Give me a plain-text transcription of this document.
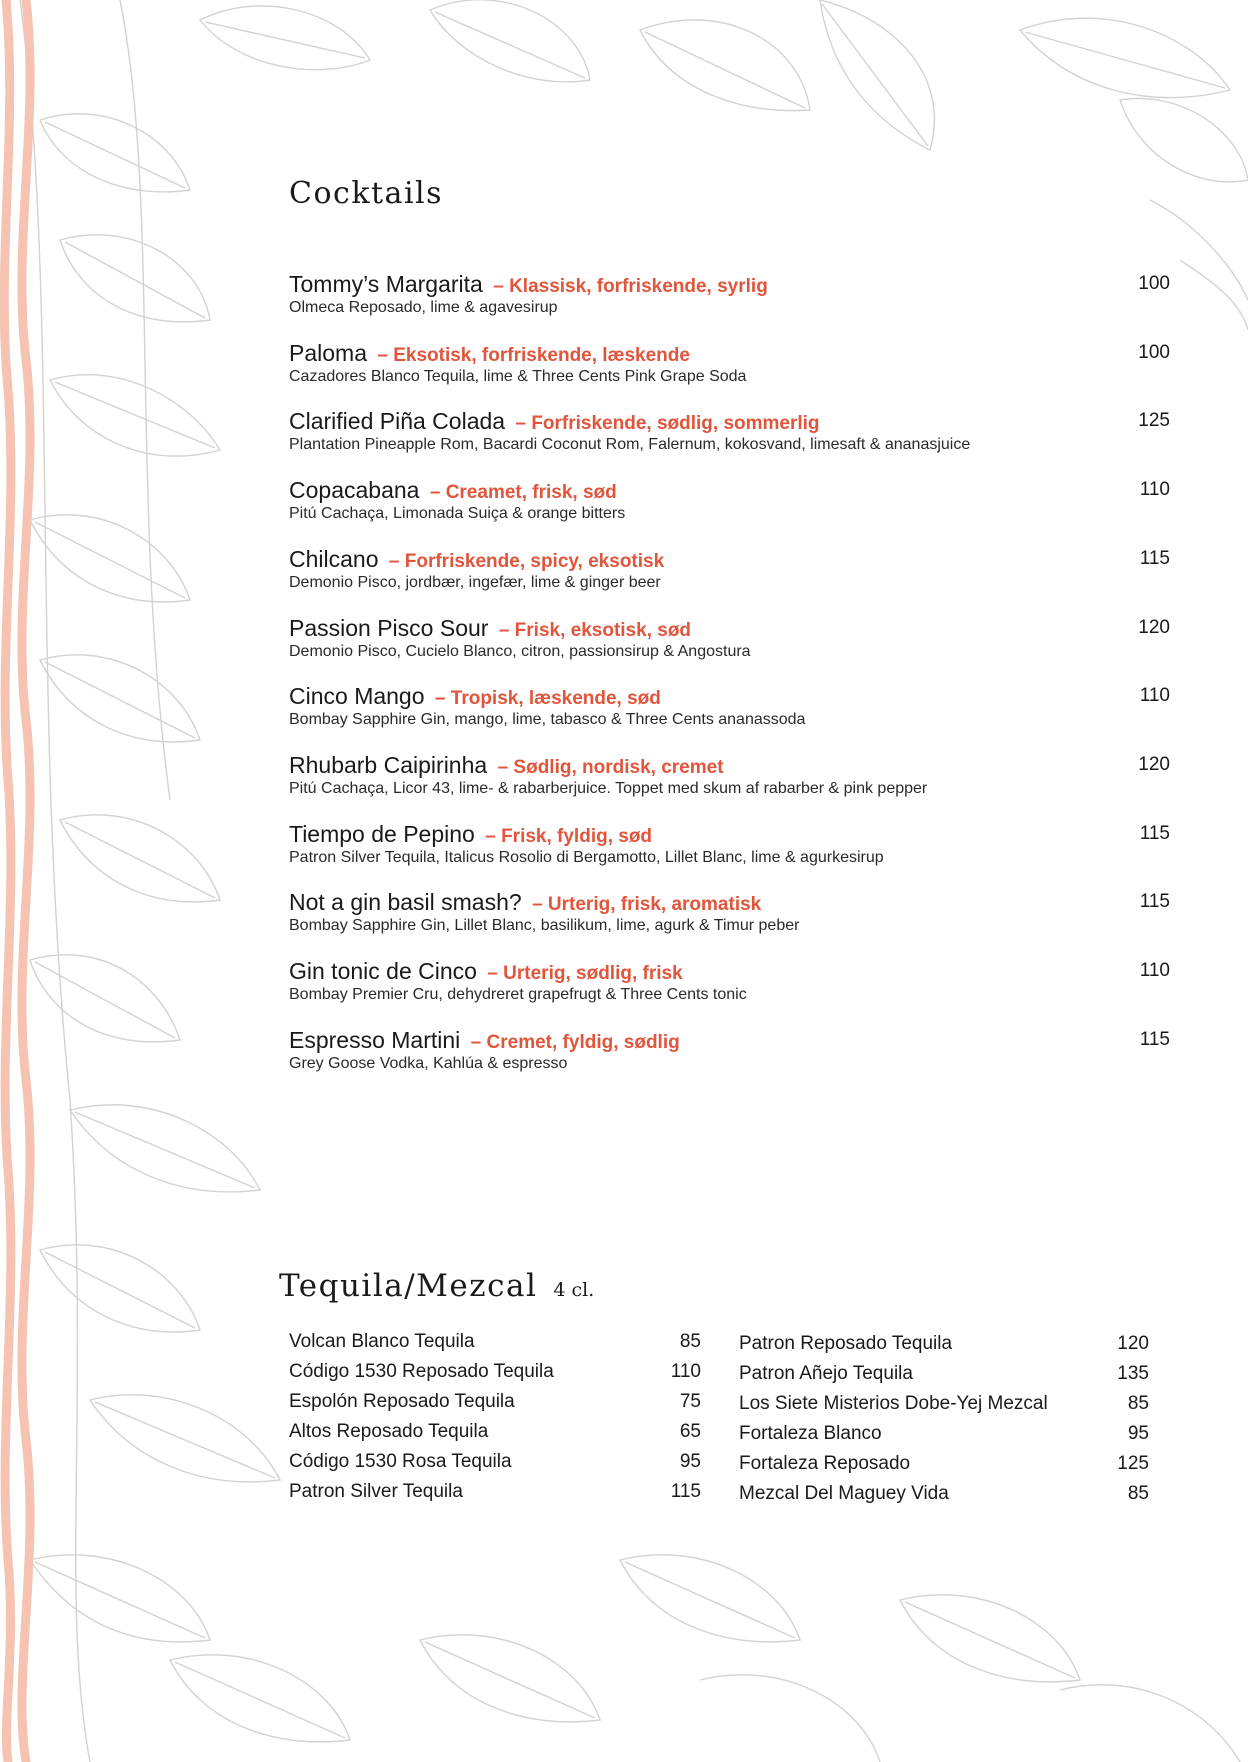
Cocktails
Tommy’s Margarita – Klassisk, forfriskende, syrlig
Olmeca Reposado, lime & agavesirup
100
Paloma – Eksotisk, forfriskende, læskende
Cazadores Blanco Tequila, lime & Three Cents Pink Grape Soda
100
Clarified Piña Colada – Forfriskende, sødlig, sommerlig
Plantation Pineapple Rom, Bacardi Coconut Rom, Falernum, kokosvand, limesaft & ananasjuice
125
Copacabana – Creamet, frisk, sød
Pitú Cachaça, Limonada Suiça & orange bitters
110
Chilcano – Forfriskende, spicy, eksotisk
Demonio Pisco, jordbær, ingefær, lime & ginger beer
115
Passion Pisco Sour – Frisk, eksotisk, sød
Demonio Pisco, Cucielo Blanco, citron, passionsirup & Angostura
120
Cinco Mango – Tropisk, læskende, sød
Bombay Sapphire Gin, mango, lime, tabasco & Three Cents ananassoda
110
Rhubarb Caipirinha – Sødlig, nordisk, cremet
Pitú Cachaça, Licor 43, lime- & rabarberjuice. Toppet med skum af rabarber & pink pepper
120
Tiempo de Pepino – Frisk, fyldig, sød
Patron Silver Tequila, Italicus Rosolio di Bergamotto, Lillet Blanc, lime & agurkesirup
115
Not a gin basil smash? – Urterig, frisk, aromatisk
Bombay Sapphire Gin, Lillet Blanc, basilikum, lime, agurk & Timur peber
115
Gin tonic de Cinco – Urterig, sødlig, frisk
Bombay Premier Cru, dehydreret grapefrugt & Three Cents tonic
110
Espresso Martini – Cremet, fyldig, sødlig
Grey Goose Vodka, Kahlúa & espresso
115
Tequila/Mezcal 4 cl.
Volcan Blanco Tequila	85
Código 1530 Reposado Tequila	110
Espolón Reposado Tequila	75
Altos Reposado Tequila	65
Código 1530 Rosa Tequila	95
Patron Silver Tequila	115
Patron Reposado Tequila	120
Patron Añejo Tequila	135
Los Siete Misterios Dobe-Yej Mezcal	85
Fortaleza Blanco	95
Fortaleza Reposado	125
Mezcal Del Maguey Vida	85
